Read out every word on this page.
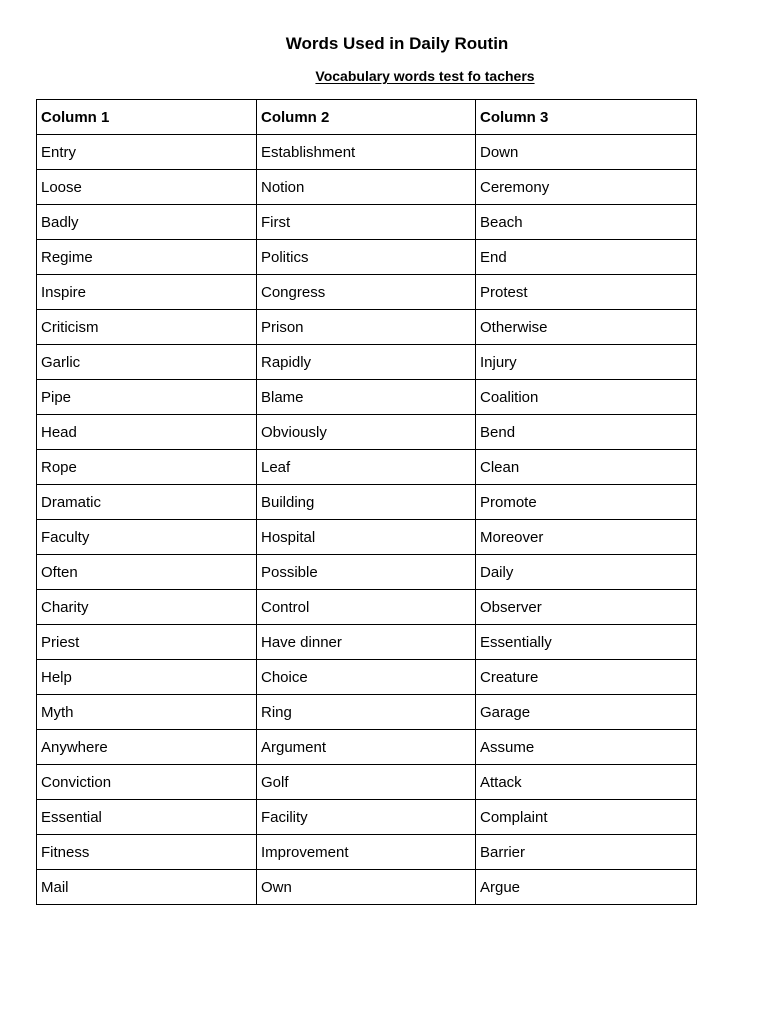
Words Used in Daily Routin
Vocabulary words test fo tachers
Column 1	Column 2	Column 3
Entry	Establishment	Down
Loose	Notion	Ceremony
Badly	First	Beach
Regime	Politics	End
Inspire	Congress	Protest
Criticism	Prison	Otherwise
Garlic	Rapidly	Injury
Pipe	Blame	Coalition
Head	Obviously	Bend
Rope	Leaf	Clean
Dramatic	Building	Promote
Faculty	Hospital	Moreover
Often	Possible	Daily
Charity	Control	Observer
Priest	Have dinner	Essentially
Help	Choice	Creature
Myth	Ring	Garage
Anywhere	Argument	Assume
Conviction	Golf	Attack
Essential	Facility	Complaint
Fitness	Improvement	Barrier
Mail	Own	Argue
